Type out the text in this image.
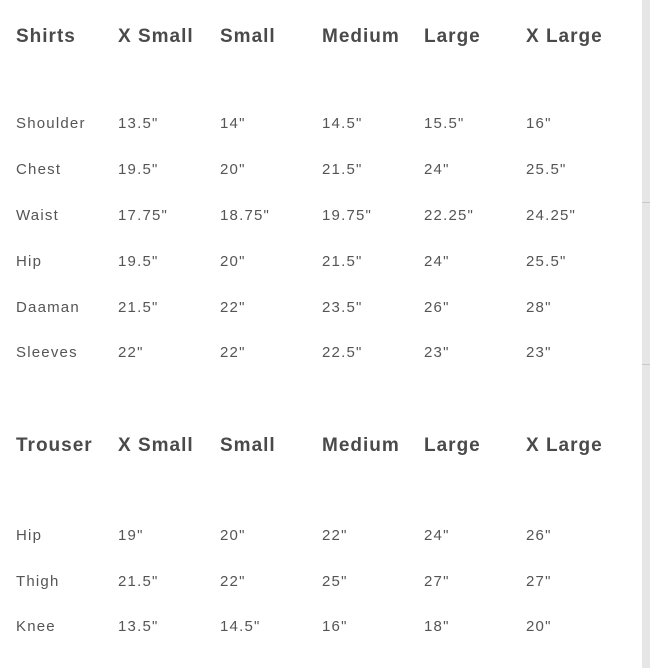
Shirts	X Small	Small	Medium	Large	X Large

Shoulder	13.5"	14"	14.5"	15.5"	16"
Chest	19.5"	20"	21.5"	24"	25.5"
Waist	17.75"	18.75"	19.75"	22.25"	24.25"
Hip	19.5"	20"	21.5"	24"	25.5"
Daaman	21.5"	22"	23.5"	26"	28"
Sleeves	22"	22"	22.5"	23"	23"
Trouser	X Small	Small	Medium	Large	X Large

Hip	19"	20"	22"	24"	26"
Thigh	21.5"	22"	25"	27"	27"
Knee	13.5"	14.5"	16"	18"	20"
